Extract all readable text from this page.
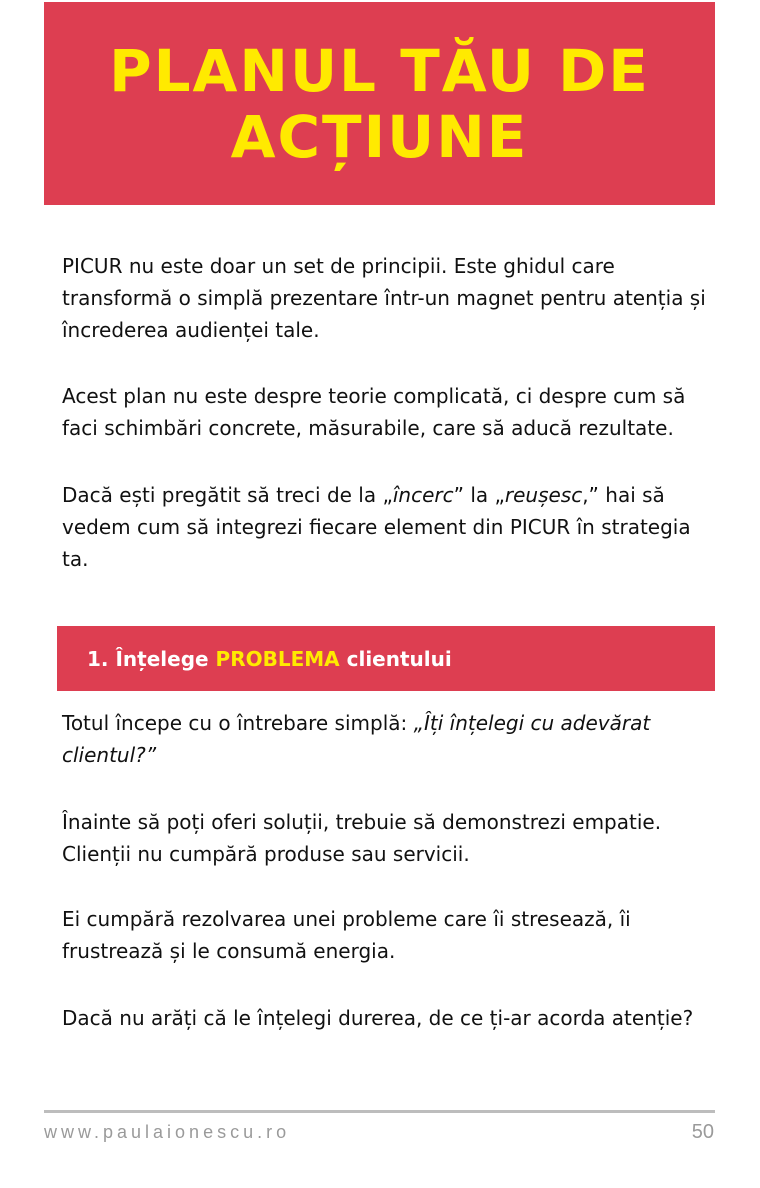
PLANUL TĂU DE
ACȚIUNE

PICUR nu este doar un set de principii. Este ghidul care transformă o simplă prezentare într-un magnet pentru atenția și încrederea audienței tale.

Acest plan nu este despre teorie complicată, ci despre cum să faci schimbări concrete, măsurabile, care să aducă rezultate.

Dacă ești pregătit să treci de la „încerc” la „reușesc,” hai să vedem cum să integrezi fiecare element din PICUR în strategia ta.

1. Înțelege PROBLEMA clientului

Totul începe cu o întrebare simplă: „Îți înțelegi cu adevărat clientul?”

Înainte să poți oferi soluții, trebuie să demonstrezi empatie. Clienții nu cumpără produse sau servicii.

Ei cumpără rezolvarea unei probleme care îi stresează, îi frustrează și le consumă energia.

Dacă nu arăți că le înțelegi durerea, de ce ți-ar acorda atenție?

www.paulaionescu.ro	50
